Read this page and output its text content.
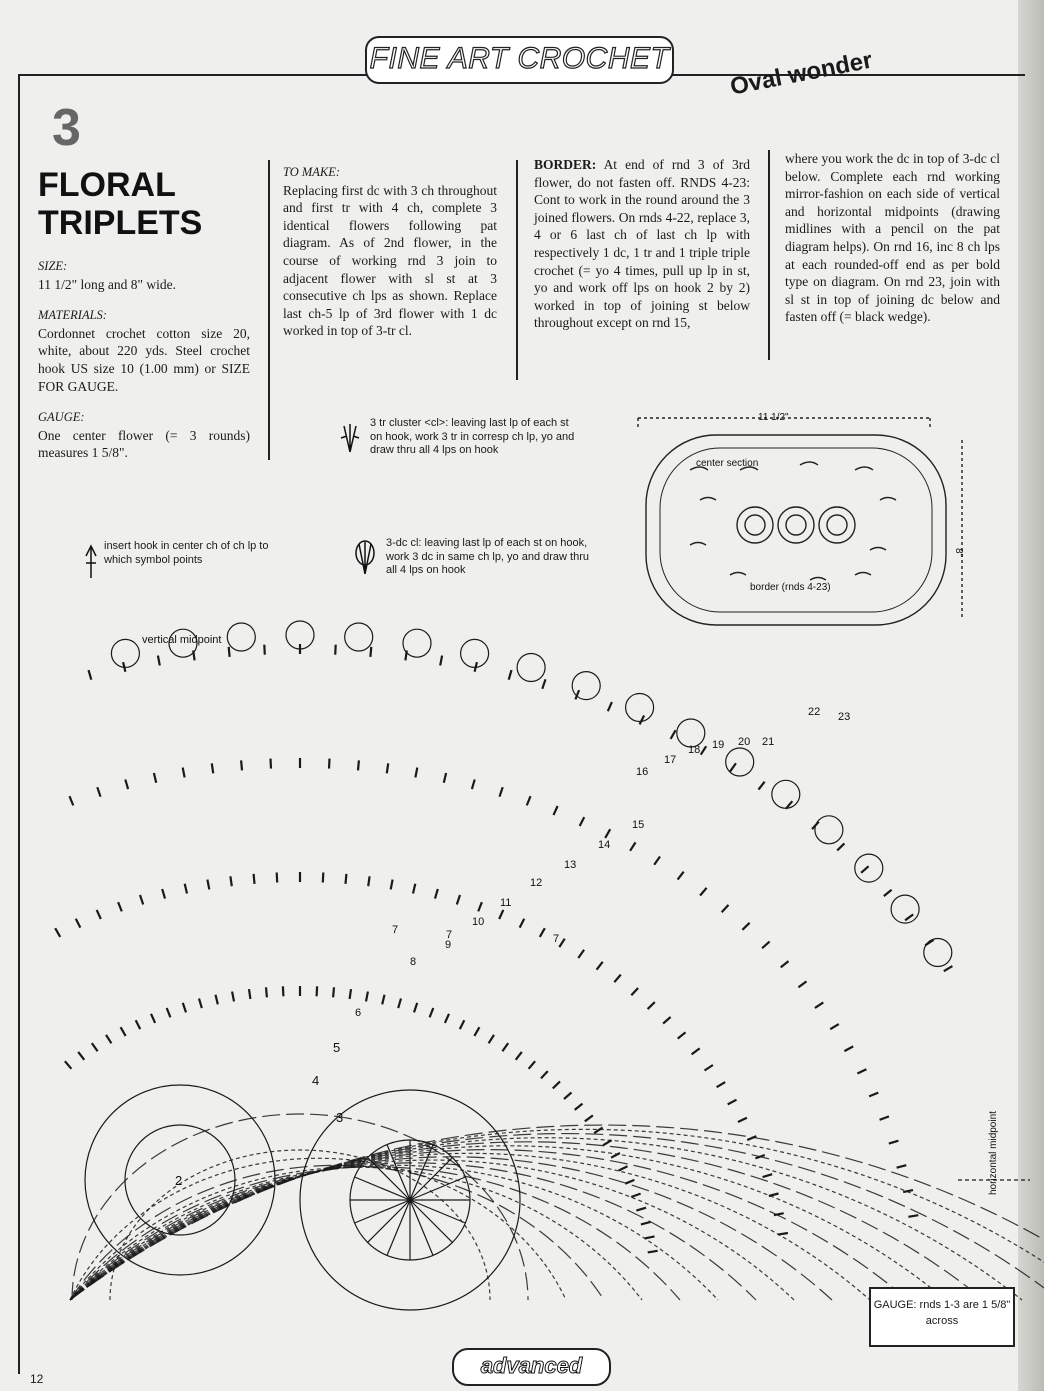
FINE ART CROCHET	Oval wonder
3
FLORAL
TRIPLETS
SIZE:
11 1/2" long and 8" wide.
MATERIALS:
Cordonnet crochet cotton size 20, white, about 220 yds. Steel crochet hook US size 10 (1.00 mm) or SIZE FOR GAUGE.
GAUGE:
One center flower (= 3 rounds) measures 1 5/8".
TO MAKE:
Replacing first dc with 3 ch throughout and first tr with 4 ch, complete 3 identical flowers following pat diagram. As of 2nd flower, in the course of working rnd 3 join to adjacent flower with sl st at 3 consecutive ch lps as shown. Replace last ch-5 lp of 3rd flower with 1 dc worked in top of 3-tr cl.
BORDER: At end of rnd 3 of 3rd flower, do not fasten off. RNDS 4-23: Cont to work in the round around the 3 joined flowers. On rnds 4-22, replace 3, 4 or 6 last ch of last ch lp with respectively 1 dc, 1 tr and 1 triple triple crochet (= yo 4 times, pull up lp in st, yo and work off lps on hook 2 by 2) worked in top of joining st below throughout except on rnd 15,
where you work the dc in top of 3-dc cl below. Complete each rnd working mirror-fashion on each side of vertical and horizontal midpoints (drawing midlines with a pencil on the pat diagram helps). On rnd 16, inc 8 ch lps at each rounded-off end as per bold type on diagram. On rnd 23, join with sl st in top of joining dc below and fasten off (= black wedge).
3 tr cluster <cl>: leaving last lp of each st on hook, work 3 tr in corresp ch lp, yo and draw thru all 4 lps on hook
3-dc cl: leaving last lp of each st on hook, work 3 dc in same ch lp, yo and draw thru all 4 lps on hook
insert hook in center ch of ch lp to which symbol points
11 1/2"
center section
border (rnds 4-23)
8"
vertical midpoint
horizontal midpoint
2
3
4
5
6
7	7	7
8
9
10
11
12
13
14
15
16
17
18 19 20 21
22 23
GAUGE: rnds 1-3 are 1 5/8" across
advanced
12
